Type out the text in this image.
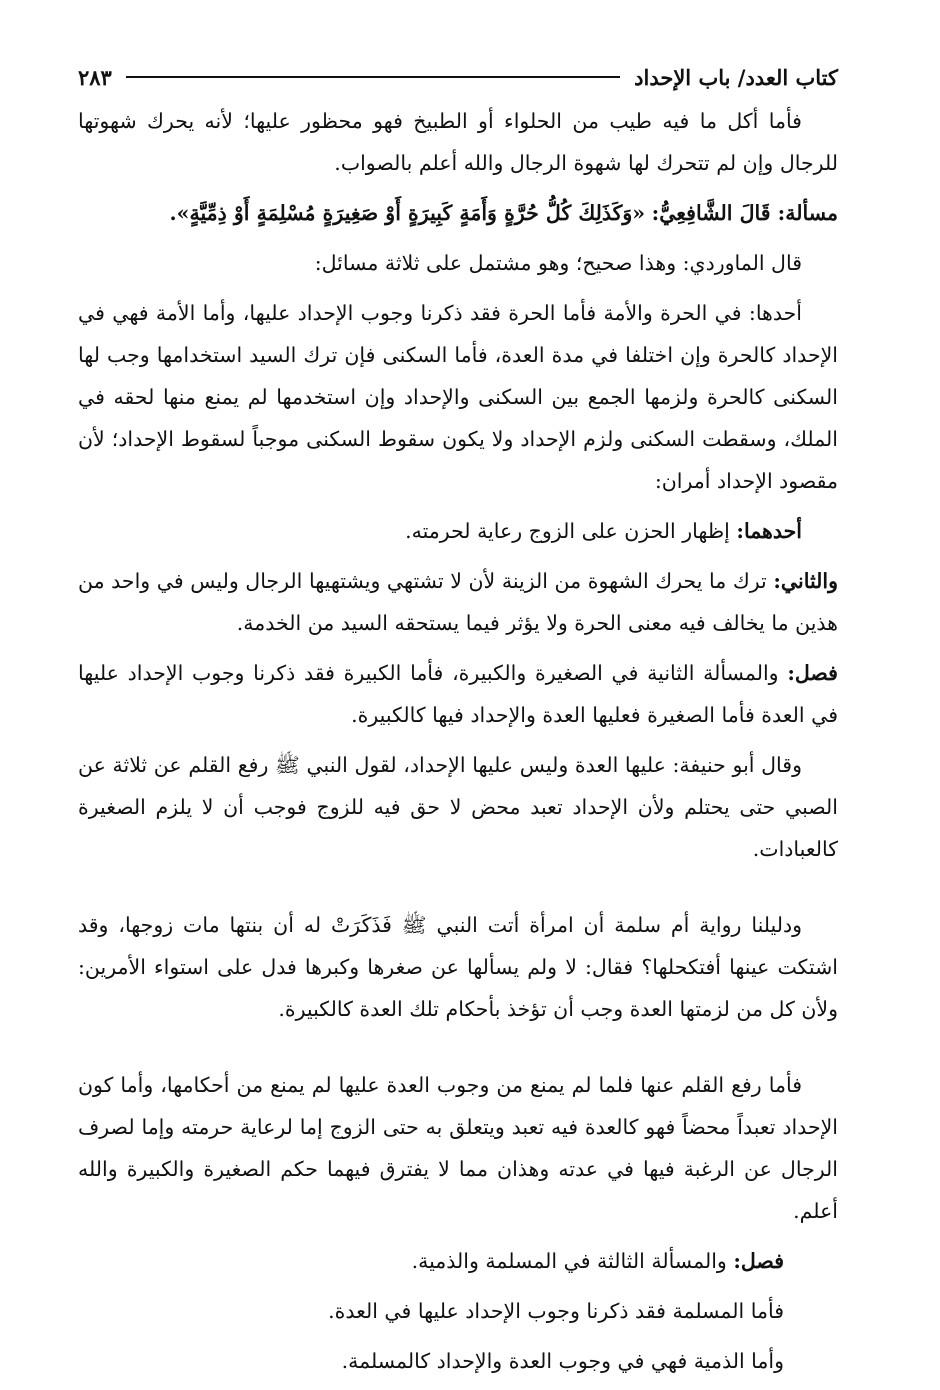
كتاب العدد/ باب الإحداد
٢٨٣

فأما أكل ما فيه طيب من الحلواء أو الطبيخ فهو محظور عليها؛ لأنه يحرك شهوتها للرجال وإن لم تتحرك لها شهوة الرجال والله أعلم بالصواب.

مسألة: قَالَ الشَّافِعِيُّ: «وَكَذَلِكَ كُلُّ حُرَّةٍ وَأَمَةٍ كَبِيرَةٍ أَوْ صَغِيرَةٍ مُسْلِمَةٍ أَوْ ذِمِّيَّةٍ».

قال الماوردي: وهذا صحيح؛ وهو مشتمل على ثلاثة مسائل:

أحدها: في الحرة والأمة فأما الحرة فقد ذكرنا وجوب الإحداد عليها، وأما الأمة فهي في الإحداد كالحرة وإن اختلفا في مدة العدة، فأما السكنى فإن ترك السيد استخدامها وجب لها السكنى كالحرة ولزمها الجمع بين السكنى والإحداد وإن استخدمها لم يمنع منها لحقه في الملك، وسقطت السكنى ولزم الإحداد ولا يكون سقوط السكنى موجباً لسقوط الإحداد؛ لأن مقصود الإحداد أمران:

أحدهما: إظهار الحزن على الزوج رعاية لحرمته.

والثاني: ترك ما يحرك الشهوة من الزينة لأن لا تشتهي ويشتهيها الرجال وليس في واحد من هذين ما يخالف فيه معنى الحرة ولا يؤثر فيما يستحقه السيد من الخدمة.

فصل: والمسألة الثانية في الصغيرة والكبيرة، فأما الكبيرة فقد ذكرنا وجوب الإحداد عليها في العدة فأما الصغيرة فعليها العدة والإحداد فيها كالكبيرة.

وقال أبو حنيفة: عليها العدة وليس عليها الإحداد، لقول النبي ﷺ رفع القلم عن ثلاثة عن الصبي حتى يحتلم ولأن الإحداد تعبد محض لا حق فيه للزوج فوجب أن لا يلزم الصغيرة كالعبادات.

ودليلنا رواية أم سلمة أن امرأة أتت النبي ﷺ فَذَكَرَتْ له أن بنتها مات زوجها، وقد اشتكت عينها أفتكحلها؟ فقال: لا ولم يسألها عن صغرها وكبرها فدل على استواء الأمرين: ولأن كل من لزمتها العدة وجب أن تؤخذ بأحكام تلك العدة كالكبيرة.

فأما رفع القلم عنها فلما لم يمنع من وجوب العدة عليها لم يمنع من أحكامها، وأما كون الإحداد تعبداً محضاً فهو كالعدة فيه تعبد ويتعلق به حتى الزوج إما لرعاية حرمته وإما لصرف الرجال عن الرغبة فيها في عدته وهذان مما لا يفترق فيهما حكم الصغيرة والكبيرة والله أعلم.

فصل: والمسألة الثالثة في المسلمة والذمية.

فأما المسلمة فقد ذكرنا وجوب الإحداد عليها في العدة.

وأما الذمية فهي في وجوب العدة والإحداد كالمسلمة.
